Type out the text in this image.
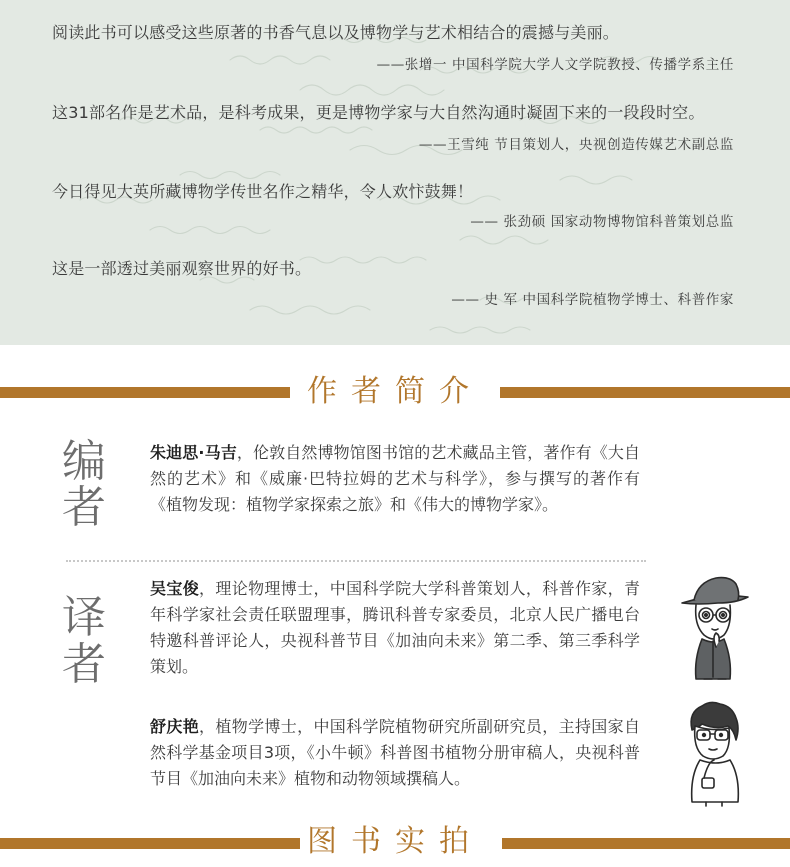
阅读此书可以感受这些原著的书香气息以及博物学与艺术相结合的震撼与美丽。
——张增一 中国科学院大学人文学院教授、传播学系主任
这31部名作是艺术品，是科考成果，更是博物学家与大自然沟通时凝固下来的一段段时空。
——王雪纯 节目策划人，央视创造传媒艺术副总监
今日得见大英所藏博物学传世名作之精华，令人欢忭鼓舞！
—— 张劲硕 国家动物博物馆科普策划总监
这是一部透过美丽观察世界的好书。
—— 史 军 中国科学院植物学博士、科普作家
作者简介
编
者
朱迪思·马吉，伦敦自然博物馆图书馆的艺术藏品主管，著作有《大自然的艺术》和《威廉·巴特拉姆的艺术与科学》，参与撰写的著作有《植物发现：植物学家探索之旅》和《伟大的博物学家》。
译
者
吴宝俊，理论物理博士，中国科学院大学科普策划人，科普作家，青年科学家社会责任联盟理事，腾讯科普专家委员，北京人民广播电台特邀科普评论人，央视科普节目《加油向未来》第二季、第三季科学策划。
舒庆艳，植物学博士，中国科学院植物研究所副研究员，主持国家自然科学基金项目3项，《小牛顿》科普图书植物分册审稿人，央视科普节目《加油向未来》植物和动物领域撰稿人。
图书实拍
